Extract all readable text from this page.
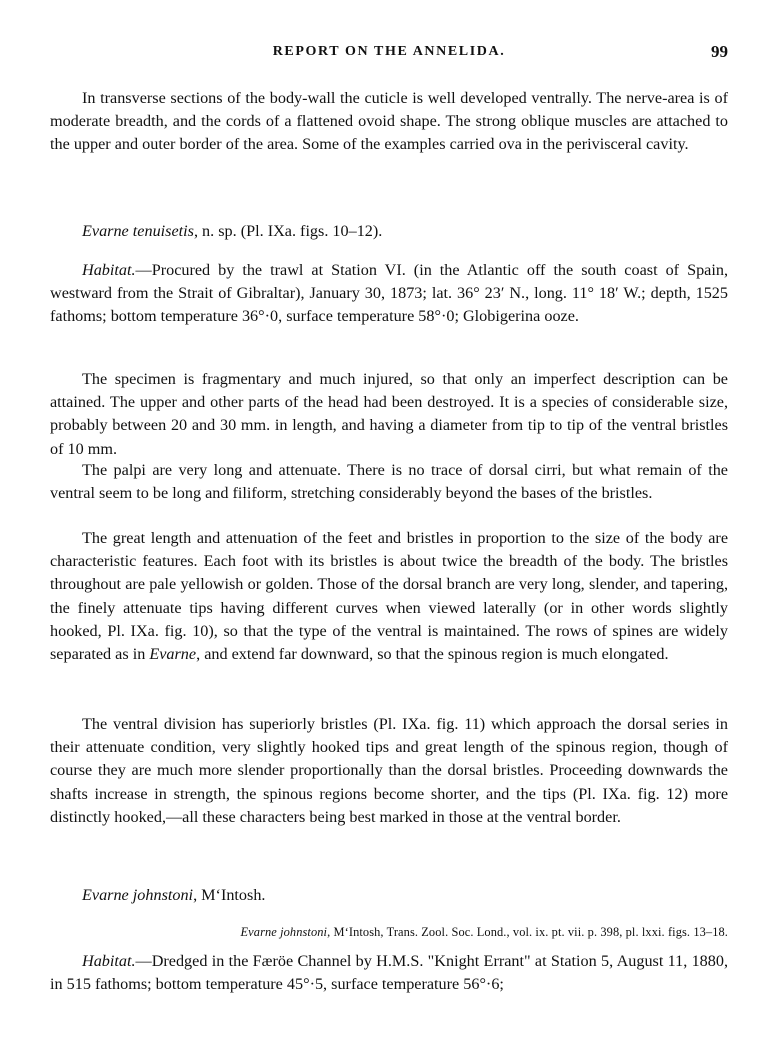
REPORT ON THE ANNELIDA.	99

In transverse sections of the body-wall the cuticle is well developed ventrally. The nerve-area is of moderate breadth, and the cords of a flattened ovoid shape. The strong oblique muscles are attached to the upper and outer border of the area. Some of the examples carried ova in the perivisceral cavity.

Evarne tenuisetis, n. sp. (Pl. IXa. figs. 10–12).

Habitat.—Procured by the trawl at Station VI. (in the Atlantic off the south coast of Spain, westward from the Strait of Gibraltar), January 30, 1873; lat. 36° 23′ N., long. 11° 18′ W.; depth, 1525 fathoms; bottom temperature 36°·0, surface temperature 58°·0; Globigerina ooze.

The specimen is fragmentary and much injured, so that only an imperfect description can be attained. The upper and other parts of the head had been destroyed. It is a species of considerable size, probably between 20 and 30 mm. in length, and having a diameter from tip to tip of the ventral bristles of 10 mm.

The palpi are very long and attenuate. There is no trace of dorsal cirri, but what remain of the ventral seem to be long and filiform, stretching considerably beyond the bases of the bristles.

The great length and attenuation of the feet and bristles in proportion to the size of the body are characteristic features. Each foot with its bristles is about twice the breadth of the body. The bristles throughout are pale yellowish or golden. Those of the dorsal branch are very long, slender, and tapering, the finely attenuate tips having different curves when viewed laterally (or in other words slightly hooked, Pl. IXa. fig. 10), so that the type of the ventral is maintained. The rows of spines are widely separated as in Evarne, and extend far downward, so that the spinous region is much elongated.

The ventral division has superiorly bristles (Pl. IXa. fig. 11) which approach the dorsal series in their attenuate condition, very slightly hooked tips and great length of the spinous region, though of course they are much more slender proportionally than the dorsal bristles. Proceeding downwards the shafts increase in strength, the spinous regions become shorter, and the tips (Pl. IXa. fig. 12) more distinctly hooked,—all these characters being best marked in those at the ventral border.

Evarne johnstoni, M‘Intosh.
Evarne johnstoni, M‘Intosh, Trans. Zool. Soc. Lond., vol. ix. pt. vii. p. 398, pl. lxxi. figs. 13–18.

Habitat.—Dredged in the Færöe Channel by H.M.S. "Knight Errant" at Station 5, August 11, 1880, in 515 fathoms; bottom temperature 45°·5, surface temperature 56°·6;
